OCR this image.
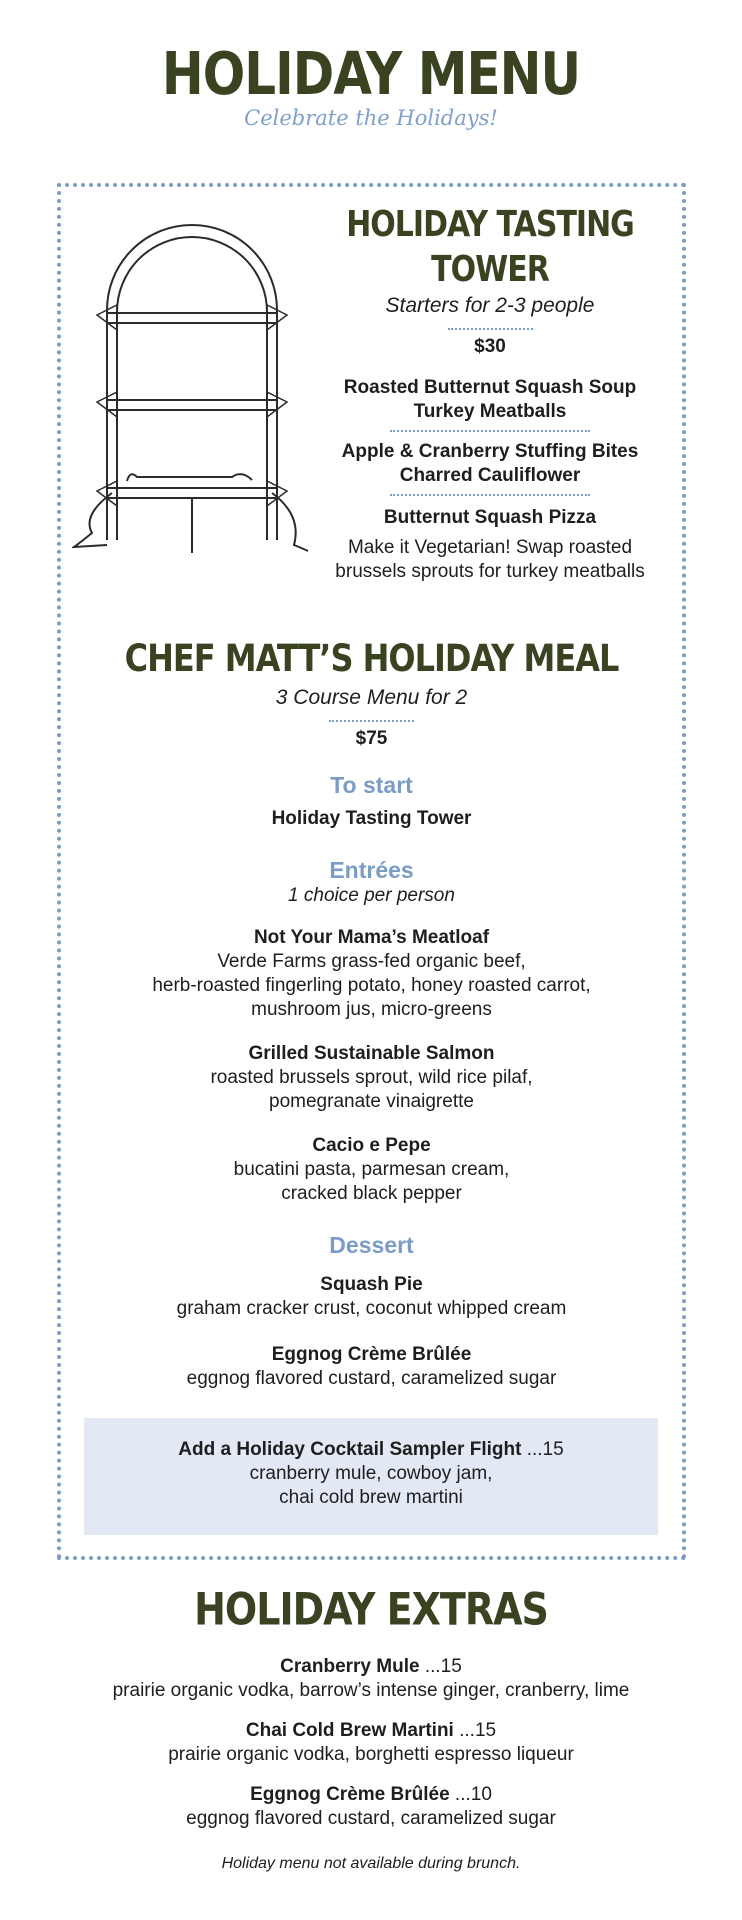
HOLIDAY MENU
Celebrate the Holidays!
HOLIDAY TASTING TOWER
Starters for 2-3 people
$30
Roasted Butternut Squash Soup
Turkey Meatballs
Apple & Cranberry Stuffing Bites
Charred Cauliflower
Butternut Squash Pizza
Make it Vegetarian! Swap roasted
brussels sprouts for turkey meatballs
CHEF MATT’S HOLIDAY MEAL
3 Course Menu for 2
$75
To start
Holiday Tasting Tower
Entrées
1 choice per person
Not Your Mama’s Meatloaf
Verde Farms grass-fed organic beef,
herb-roasted fingerling potato, honey roasted carrot,
mushroom jus, micro-greens
Grilled Sustainable Salmon
roasted brussels sprout, wild rice pilaf,
pomegranate vinaigrette
Cacio e Pepe
bucatini pasta, parmesan cream,
cracked black pepper
Dessert
Squash Pie
graham cracker crust, coconut whipped cream
Eggnog Crème Brûlée
eggnog flavored custard, caramelized sugar
Add a Holiday Cocktail Sampler Flight ...15
cranberry mule, cowboy jam,
chai cold brew martini
HOLIDAY EXTRAS
Cranberry Mule ...15
prairie organic vodka, barrow’s intense ginger, cranberry, lime
Chai Cold Brew Martini ...15
prairie organic vodka, borghetti espresso liqueur
Eggnog Crème Brûlée ...10
eggnog flavored custard, caramelized sugar
Holiday menu not available during brunch.
